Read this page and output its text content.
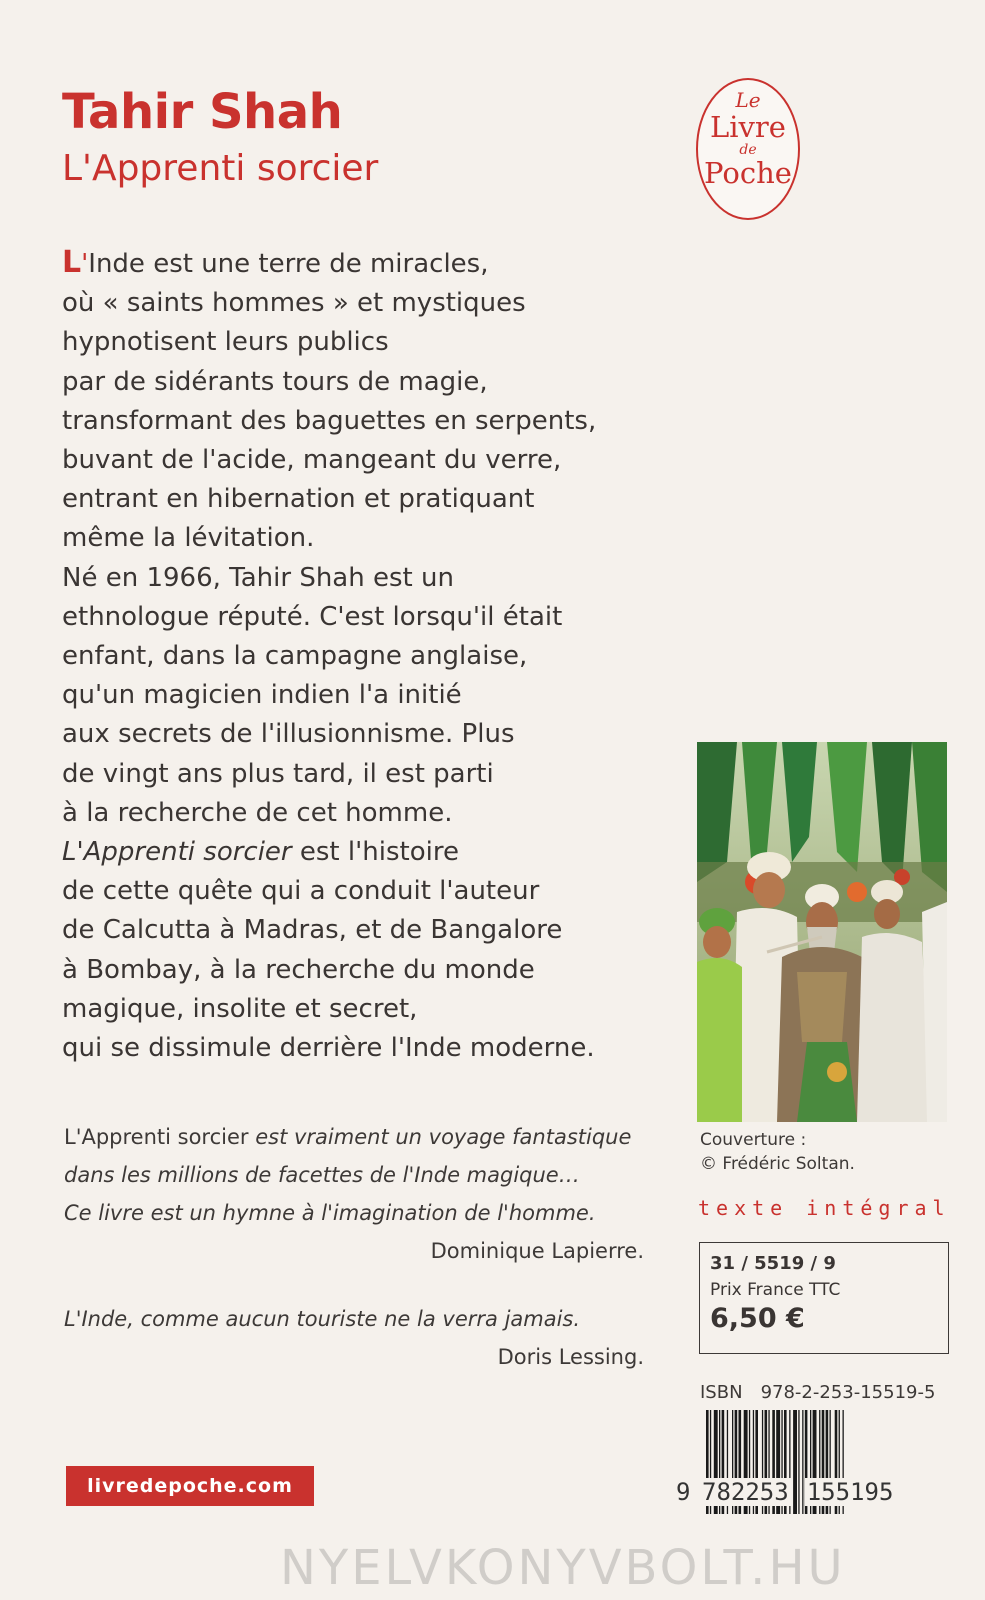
Tahir Shah
L'Apprenti sorcier
Le
Livre
de
Poche
L'Inde est une terre de miracles,
où « saints hommes » et mystiques
hypnotisent leurs publics
par de sidérants tours de magie,
transformant des baguettes en serpents,
buvant de l'acide, mangeant du verre,
entrant en hibernation et pratiquant
même la lévitation.
Né en 1966, Tahir Shah est un
ethnologue réputé. C'est lorsqu'il était
enfant, dans la campagne anglaise,
qu'un magicien indien l'a initié
aux secrets de l'illusionnisme. Plus
de vingt ans plus tard, il est parti
à la recherche de cet homme.
L'Apprenti sorcier est l'histoire
de cette quête qui a conduit l'auteur
de Calcutta à Madras, et de Bangalore
à Bombay, à la recherche du monde
magique, insolite et secret,
qui se dissimule derrière l'Inde moderne.
L'Apprenti sorcier est vraiment un voyage fantastique
dans les millions de facettes de l'Inde magique…
Ce livre est un hymne à l'imagination de l'homme.
Dominique Lapierre.
L'Inde, comme aucun touriste ne la verra jamais.
Doris Lessing.
Couverture :
© Frédéric Soltan.
texte intégral
31 / 5519 / 9
Prix France TTC
6,50 €
ISBN 978-2-253-15519-5
9 782253 155195
livredepoche.com
NYELVKONYVBOLT.HU
